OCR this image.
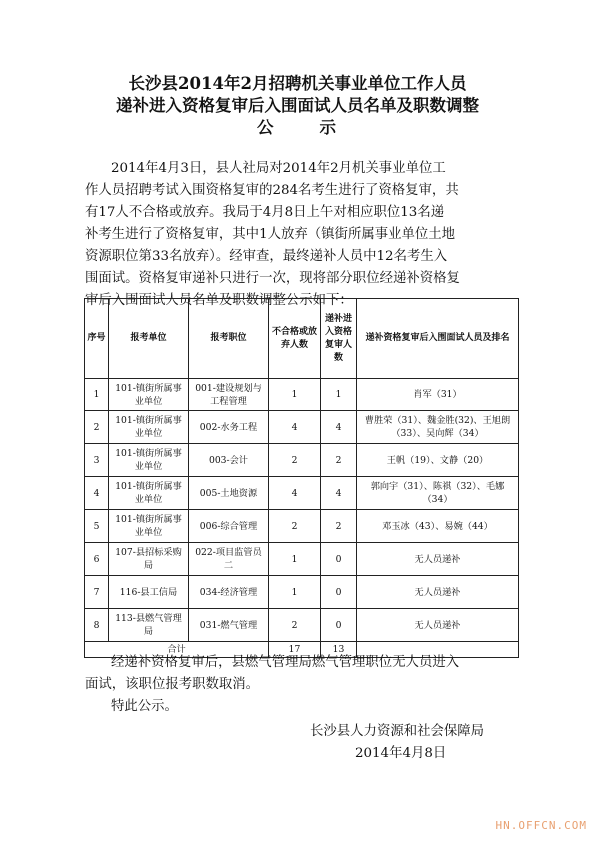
长沙县2014年2月招聘机关事业单位工作人员
递补进入资格复审后入围面试人员名单及职数调整
公	示
2014年4月3日，县人社局对2014年2月机关事业单位工
作人员招聘考试入围资格复审的284名考生进行了资格复审，共
有17人不合格或放弃。我局于4月8日上午对相应职位13名递
补考生进行了资格复审，其中1人放弃（镇街所属事业单位土地
资源职位第33名放弃）。经审查，最终递补人员中12名考生入
围面试。资格复审递补只进行一次，现将部分职位经递补资格复
审后入围面试人员名单及职数调整公示如下：
序号	报考单位	报考职位	不合格或放弃人数	递补进入资格复审人数	递补资格复审后入围面试人员及排名
1	101-镇街所属事业单位	001-建设规划与工程管理	1	1	肖军（31）
2	101-镇街所属事业单位	002-水务工程	4	4	曹胜荣（31）、魏金胜(32)、王旭朗（33）、吴向辉（34）
3	101-镇街所属事业单位	003-会计	2	2	王帆（19）、文静（20）
4	101-镇街所属事业单位	005-土地资源	4	4	郭向宇（31）、陈祺（32）、毛娜（34）
5	101-镇街所属事业单位	006-综合管理	2	2	邓玉冰（43）、易婉（44）
6	107-县招标采购局	022-项目监管员二	1	0	无人员递补
7	116-县工信局	034-经济管理	1	0	无人员递补
8	113-县燃气管理局	031-燃气管理	2	0	无人员递补
合计			17	13	
经递补资格复审后，县燃气管理局燃气管理职位无人员进入
面试，该职位报考职数取消。
特此公示。
长沙县人力资源和社会保障局
2014年4月8日
HN.OFFCN.COM
